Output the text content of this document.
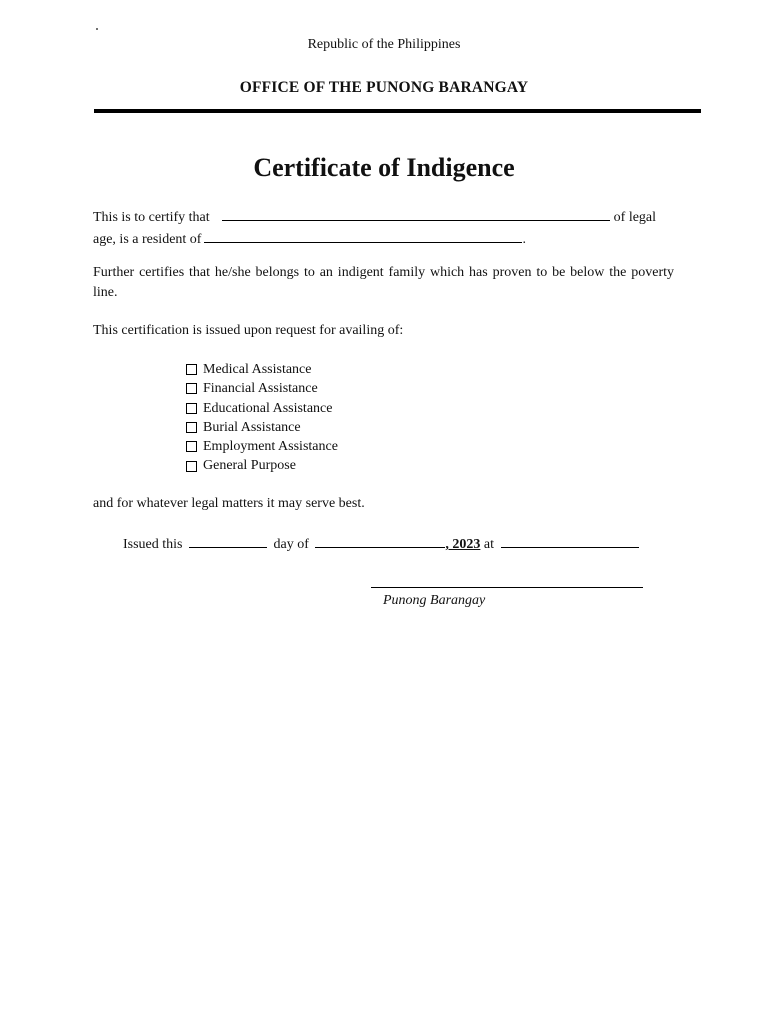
Republic of the Philippines
OFFICE OF THE PUNONG BARANGAY
Certificate of Indigence
This is to certify that	of legal
age, is a resident of	.
Further certifies that he/she belongs to an indigent family which has proven to be below the poverty line.
This certification is issued upon request for availing of:
Medical Assistance
Financial Assistance
Educational Assistance
Burial Assistance
Employment Assistance
General Purpose
and for whatever legal matters it may serve best.
Issued this	day of	, 2023 at
Punong Barangay
